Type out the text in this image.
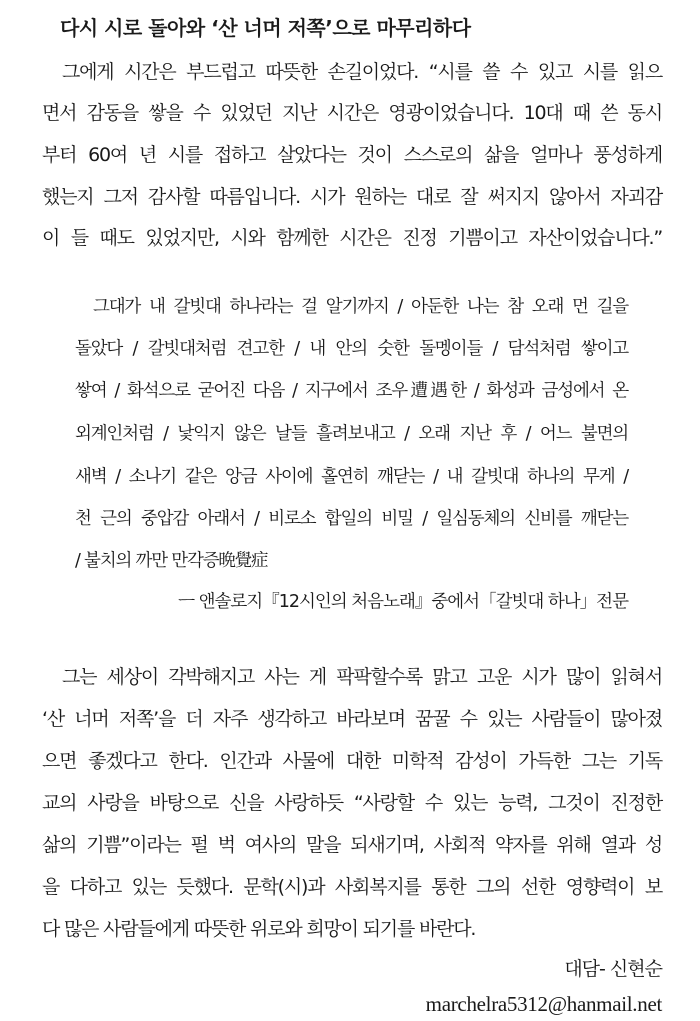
다시 시로 돌아와 ‘산 너머 저쪽’으로 마무리하다
그에게 시간은 부드럽고 따뜻한 손길이었다. “시를 쓸 수 있고 시를 읽으
면서 감동을 쌓을 수 있었던 지난 시간은 영광이었습니다. 10대 때 쓴 동시
부터 60여 년 시를 접하고 살았다는 것이 스스로의 삶을 얼마나 풍성하게
했는지 그저 감사할 따름입니다. 시가 원하는 대로 잘 써지지 않아서 자괴감
이 들 때도 있었지만, 시와 함께한 시간은 진정 기쁨이고 자산이었습니다.”
그대가 내 갈빗대 하나라는 걸 알기까지 / 아둔한 나는 참 오래 먼 길을
돌았다 / 갈빗대처럼 견고한 / 내 안의 숫한 돌멩이들 / 담석처럼 쌓이고
쌓여 / 화석으로 굳어진 다음 / 지구에서 조우遭遇한 / 화성과 금성에서 온
외계인처럼 / 낯익지 않은 날들 흘려보내고 / 오래 지난 후 / 어느 불면의
새벽 / 소나기 같은 앙금 사이에 홀연히 깨닫는 / 내 갈빗대 하나의 무게 /
천 근의 중압감 아래서 / 비로소 합일의 비밀 / 일심동체의 신비를 깨닫는
/ 불치의 까만 만각증晩覺症
ㅡ 앤솔로지『12시인의 처음노래』중에서「갈빗대 하나」전문
그는 세상이 각박해지고 사는 게 팍팍할수록 맑고 고운 시가 많이 읽혀서
‘산 너머 저쪽’을 더 자주 생각하고 바라보며 꿈꿀 수 있는 사람들이 많아졌
으면 좋겠다고 한다. 인간과 사물에 대한 미학적 감성이 가득한 그는 기독
교의 사랑을 바탕으로 신을 사랑하듯 “사랑할 수 있는 능력, 그것이 진정한
삶의 기쁨”이라는 펄 벅 여사의 말을 되새기며, 사회적 약자를 위해 열과 성
을 다하고 있는 듯했다. 문학(시)과 사회복지를 통한 그의 선한 영향력이 보
다 많은 사람들에게 따뜻한 위로와 희망이 되기를 바란다.
대담- 신현순
marchelra5312@hanmail.net
